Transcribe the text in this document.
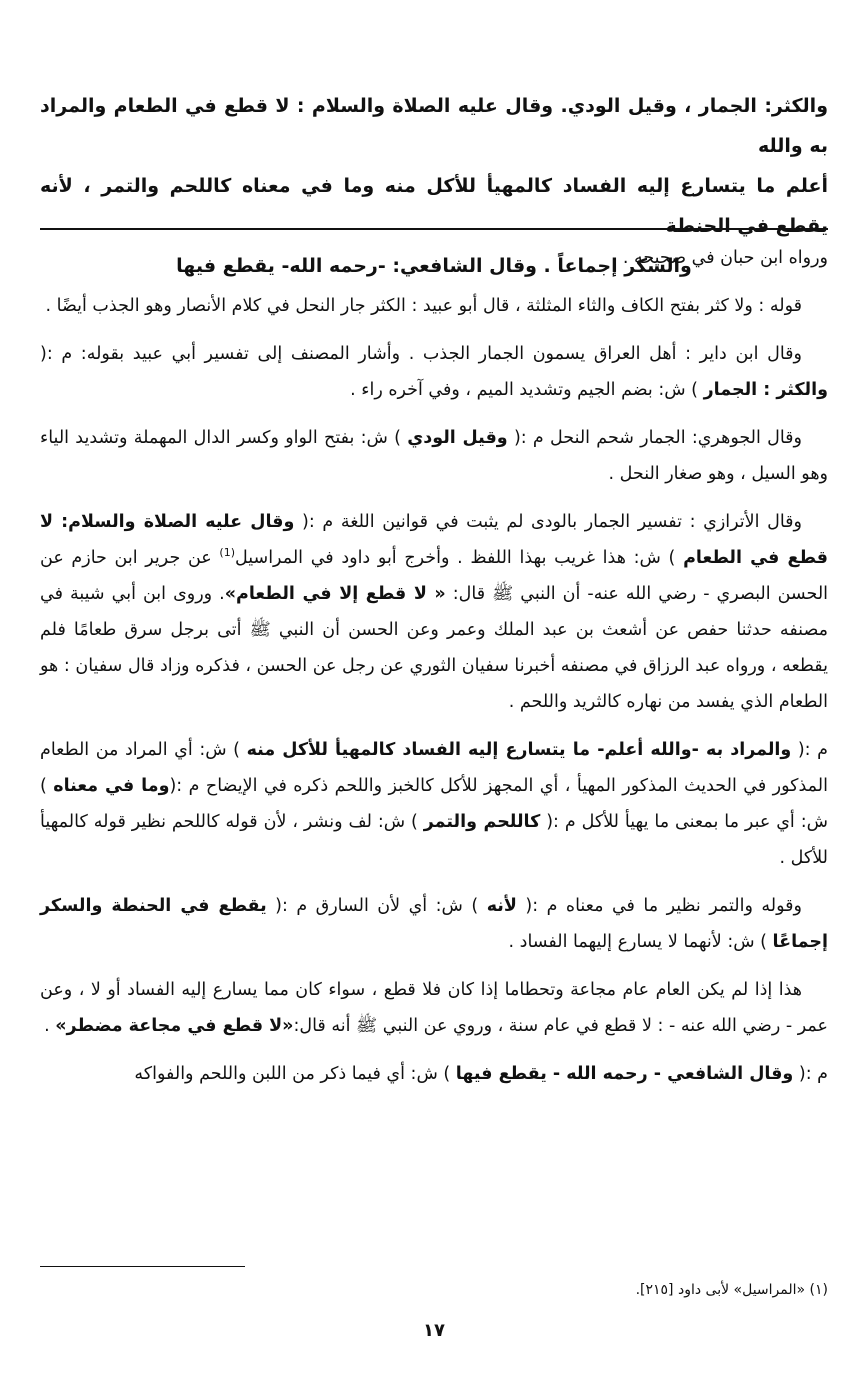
والكثر: الجمار ، وقيل الودي. وقال عليه الصلاة والسلام : لا قطع في الطعام والمراد به والله

أعلم ما يتسارع إليه الفساد كالمهيأ للأكل منه وما في معناه كاللحم والتمر ، لأنه يقطع في الحنطة

والسكر إجماعاً . وقال الشافعي: -رحمه الله- يقطع فيها

ورواه ابن حبان في صحيحه .

قوله : ولا كثر بفتح الكاف والثاء المثلثة ، قال أبو عبيد : الكثر جار النحل في كلام الأنصار وهو الجذب أيضًا .

وقال ابن داير : أهل العراق يسمون الجمار الجذب . وأشار المصنف إلى تفسير أبي عبيد بقوله: م :( والكثر : الجمار ) ش: بضم الجيم وتشديد الميم ، وفي آخره راء .

وقال الجوهري: الجمار شحم النحل م :( وقيل الودي ) ش: بفتح الواو وكسر الدال المهملة وتشديد الياء وهو السيل ، وهو صغار النحل .

وقال الأترازي : تفسير الجمار بالودى لم يثبت في قوانين اللغة م :( وقال عليه الصلاة والسلام: لا قطع في الطعام ) ش: هذا غريب بهذا اللفظ . وأخرج أبو داود في المراسيل$^{(1)}$ عن جرير ابن حازم عن الحسن البصري - رضي الله عنه- أن النبي ﷺ قال: « لا قطع إلا في الطعام». وروى ابن أبي شيبة في مصنفه حدثنا حفص عن أشعث بن عبد الملك وعمر وعن الحسن أن النبي ﷺ أتى برجل سرق طعامًا فلم يقطعه ، ورواه عبد الرزاق في مصنفه أخبرنا سفيان الثوري عن رجل عن الحسن ، فذكره وزاد قال سفيان : هو الطعام الذي يفسد من نهاره كالثريد واللحم .

م :( والمراد به -والله أعلم- ما يتسارع إليه الفساد كالمهيأ للأكل منه ) ش: أي المراد من الطعام المذكور في الحديث المذكور المهيأ ، أي المجهز للأكل كالخبز واللحم ذكره في الإيضاح م :(وما في معناه ) ش: أي عبر ما بمعنى ما يهيأ للأكل م :( كاللحم والتمر ) ش: لف ونشر ، لأن قوله كاللحم نظير قوله كالمهيأ للأكل .

وقوله والتمر نظير ما في معناه م :( لأنه ) ش: أي لأن السارق م :( يقطع في الحنطة والسكر إجماعًا ) ش: لأنهما لا يسارع إليهما الفساد .

هذا إذا لم يكن العام عام مجاعة وتحطاما إذا كان فلا قطع ، سواء كان مما يسارع إليه الفساد أو لا ، وعن عمر - رضي الله عنه - : لا قطع في عام سنة ، وروي عن النبي ﷺ أنه قال:«لا قطع في مجاعة مضطر» .

م :( وقال الشافعي - رحمه الله - يقطع فيها ) ش: أي فيما ذكر من اللبن واللحم والفواكه

(١) «المراسيل» لأبى داود [٢١٥].
١٧
